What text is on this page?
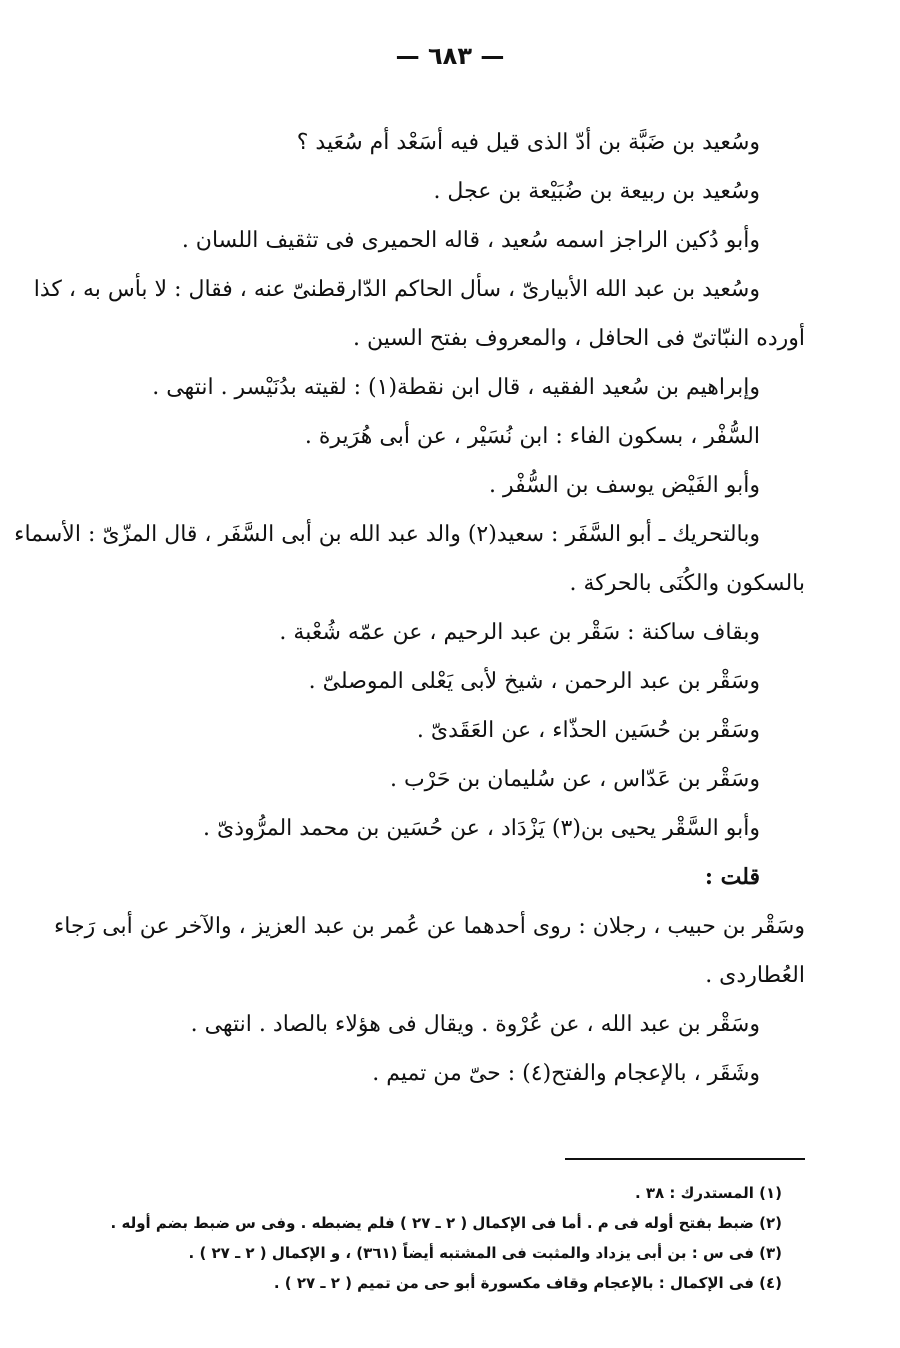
— ٦٨٣ —
وسُعيد بن ضَبَّة بن أدّ الذى قيل فيه أسَعْد أم سُعَيد ؟
وسُعيد بن ربيعة بن ضُبَيْعة بن عجل .
وأبو دُكين الراجز اسمه سُعيد ، قاله الحميرى فى تثقيف اللسان .
وسُعيد بن عبد الله الأبيارىّ ، سأل الحاكم الدّارقطنىّ عنه ، فقال : لا بأس به ، كذا
أورده النبّاتىّ فى الحافل ، والمعروف بفتح السين .
وإبراهيم بن سُعيد الفقيه ، قال ابن نقطة(١) : لقيته بدُنَيْسر . انتهى .
السُّفْر ، بسكون الفاء : ابن نُسَيْر ، عن أبى هُرَيرة .
وأبو الفَيْض يوسف بن السُّفْر .
وبالتحريك ـ أبو السَّفَر : سعيد(٢) والد عبد الله بن أبى السَّفَر ، قال المزّىّ : الأسماء
بالسكون والكُنَى بالحركة .
وبقاف ساكنة : سَقْر بن عبد الرحيم ، عن عمّه شُعْبة .
وسَقْر بن عبد الرحمن ، شيخ لأبى يَعْلى الموصلىّ .
وسَقْر بن حُسَين الحذّاء ، عن العَقَدىّ .
وسَقْر بن عَدّاس ، عن سُليمان بن حَرْب .
وأبو السَّقْر يحيى بن(٣) يَزْدَاد ، عن حُسَين بن محمد المرُّوذىّ .
قلت :
وسَقْر بن حبيب ، رجلان : روى أحدهما عن عُمر بن عبد العزيز ، والآخر عن أبى رَجاء
العُطاردى .
وسَقْر بن عبد الله ، عن عُرْوة . ويقال فى هؤلاء بالصاد . انتهى .
وشَقَر ، بالإعجام والفتح(٤) : حىّ من تميم .
(١) المستدرك : ٣٨ .
(٢) ضبط بفتح أوله فى م . أما فى الإكمال ( ٢ ـ ٢٧ ) فلم يضبطه . وفى س ضبط بضم أوله .
(٣) فى س : بن أبى يزداد والمثبت فى المشتبه أيضاً (٣٦١) ، و الإكمال ( ٢ ـ ٢٧ ) .
(٤) فى الإكمال : بالإعجام وقاف مكسورة أبو حى من تميم ( ٢ ـ ٢٧ ) .
